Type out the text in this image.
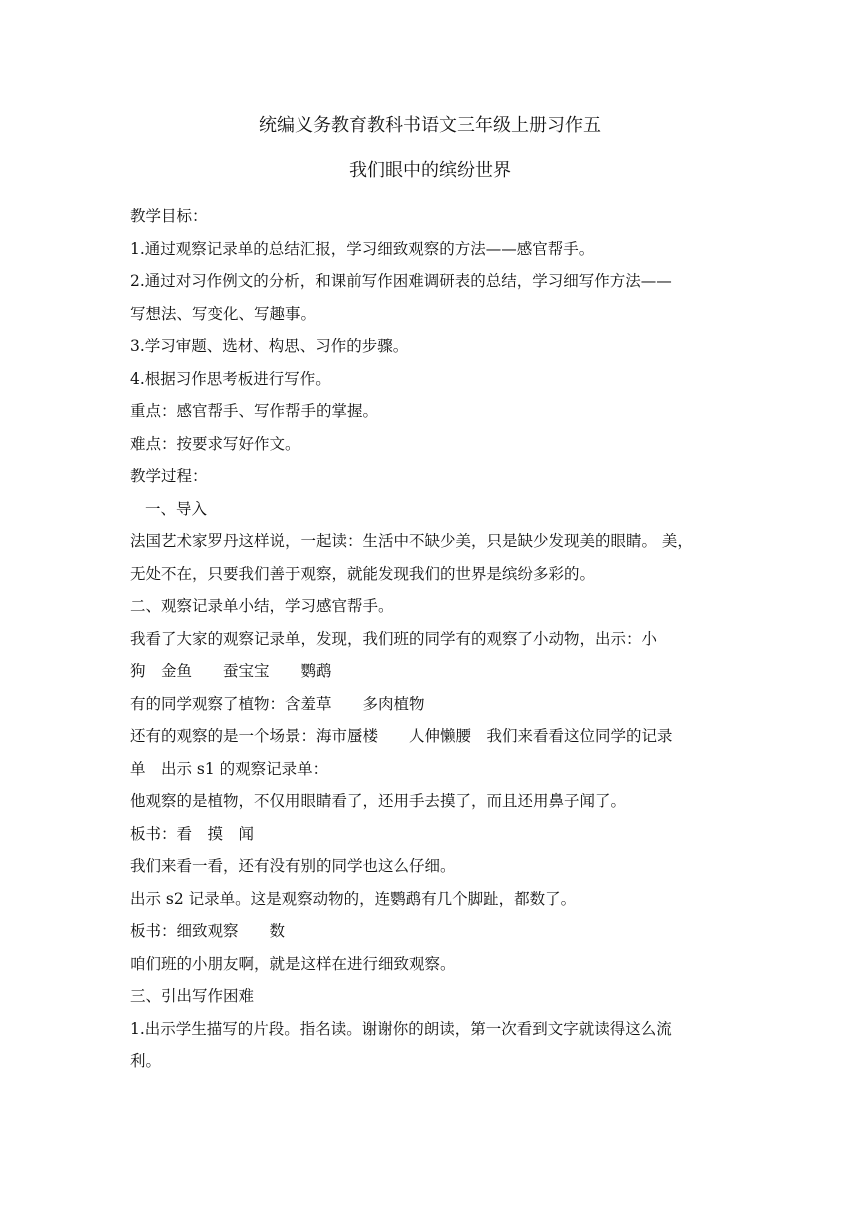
统编义务教育教科书语文三年级上册习作五
我们眼中的缤纷世界
教学目标：
1.通过观察记录单的总结汇报，学习细致观察的方法——感官帮手。
2.通过对习作例文的分析，和课前写作困难调研表的总结，学习细写作方法——
写想法、写变化、写趣事。
3.学习审题、选材、构思、习作的步骤。
4.根据习作思考板进行写作。
重点：感官帮手、写作帮手的掌握。
难点：按要求写好作文。
教学过程：
一、导入
法国艺术家罗丹这样说，一起读：生活中不缺少美，只是缺少发现美的眼睛。 美，
无处不在，只要我们善于观察，就能发现我们的世界是缤纷多彩的。
二、观察记录单小结，学习感官帮手。
我看了大家的观察记录单，发现，我们班的同学有的观察了小动物，出示：小
狗　金鱼　　蚕宝宝　　鹦鹉
有的同学观察了植物：含羞草　　多肉植物
还有的观察的是一个场景：海市蜃楼　　人伸懒腰　我们来看看这位同学的记录
单　出示 s1 的观察记录单：
他观察的是植物，不仅用眼睛看了，还用手去摸了，而且还用鼻子闻了。
板书：看　摸　闻
我们来看一看，还有没有别的同学也这么仔细。
出示 s2 记录单。这是观察动物的，连鹦鹉有几个脚趾，都数了。
板书：细致观察　　数
咱们班的小朋友啊，就是这样在进行细致观察。
三、引出写作困难
1.出示学生描写的片段。指名读。谢谢你的朗读，第一次看到文字就读得这么流
利。
